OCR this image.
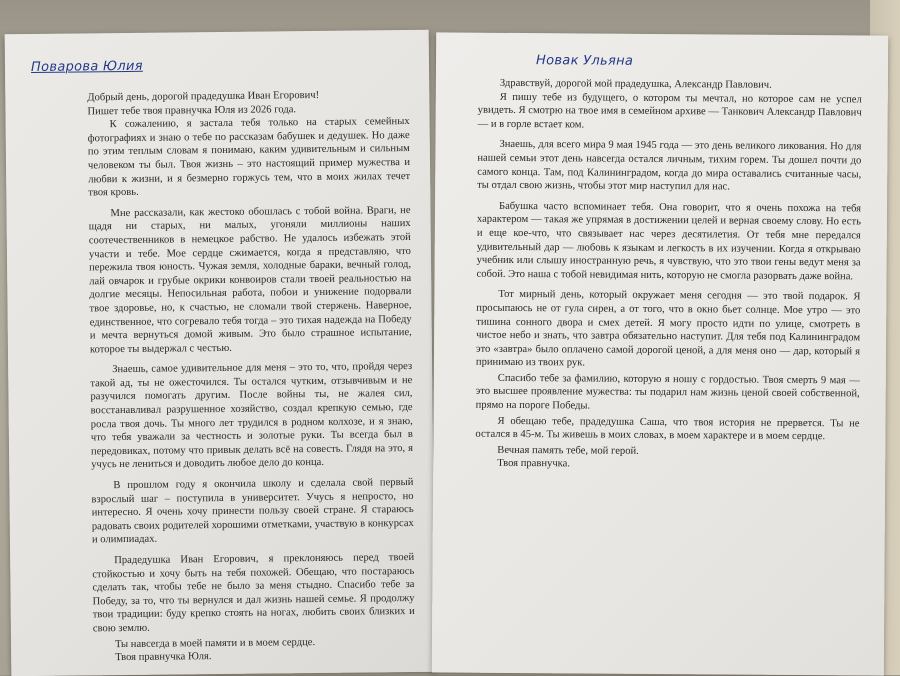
Поварова Юлия

Добрый день, дорогой прадедушка Иван Егорович!

Пишет тебе твоя правнучка Юля из 2026 года.

К сожалению, я застала тебя только на старых семейных фотографиях и знаю о тебе по рассказам бабушек и дедушек. Но даже по этим теплым словам я понимаю, каким удивительным и сильным человеком ты был. Твоя жизнь – это настоящий пример мужества и любви к жизни, и я безмерно горжусь тем, что в моих жилах течет твоя кровь.

Мне рассказали, как жестоко обошлась с тобой война. Враги, не щадя ни старых, ни малых, угоняли миллионы наших соотечественников в немецкое рабство. Не удалось избежать этой участи и тебе. Мое сердце сжимается, когда я представляю, что пережила твоя юность. Чужая земля, холодные бараки, вечный голод, лай овчарок и грубые окрики конвоиров стали твоей реальностью на долгие месяцы. Непосильная работа, побои и унижение подорвали твое здоровье, но, к счастью, не сломали твой стержень. Наверное, единственное, что согревало тебя тогда – это тихая надежда на Победу и мечта вернуться домой живым. Это было страшное испытание, которое ты выдержал с честью.

Знаешь, самое удивительное для меня – это то, что, пройдя через такой ад, ты не ожесточился. Ты остался чутким, отзывчивым и не разучился помогать другим. После войны ты, не жалея сил, восстанавливал разрушенное хозяйство, создал крепкую семью, где росла твоя дочь. Ты много лет трудился в родном колхозе, и я знаю, что тебя уважали за честность и золотые руки. Ты всегда был в передовиках, потому что привык делать всё на совесть. Глядя на это, я учусь не лениться и доводить любое дело до конца.

В прошлом году я окончила школу и сделала свой первый взрослый шаг – поступила в университет. Учусь я непросто, но интересно. Я очень хочу принести пользу своей стране. Я стараюсь радовать своих родителей хорошими отметками, участвую в конкурсах и олимпиадах.

Прадедушка Иван Егорович, я преклоняюсь перед твоей стойкостью и хочу быть на тебя похожей. Обещаю, что постараюсь сделать так, чтобы тебе не было за меня стыдно. Спасибо тебе за Победу, за то, что ты вернулся и дал жизнь нашей семье. Я продолжу твои традиции: буду крепко стоять на ногах, любить своих близких и свою землю.

Ты навсегда в моей памяти и в моем сердце.

Твоя правнучка Юля.

Новак Ульяна

Здравствуй, дорогой мой прадедушка, Александр Павлович.

Я пишу тебе из будущего, о котором ты мечтал, но которое сам не успел увидеть. Я смотрю на твое имя в семейном архиве — Танкович Александр Павлович — и в горле встает ком.

Знаешь, для всего мира 9 мая 1945 года — это день великого ликования. Но для нашей семьи этот день навсегда остался личным, тихим горем. Ты дошел почти до самого конца. Там, под Калининградом, когда до мира оставались считанные часы, ты отдал свою жизнь, чтобы этот мир наступил для нас.

Бабушка часто вспоминает тебя. Она говорит, что я очень похожа на тебя характером — такая же упрямая в достижении целей и верная своему слову. Но есть и еще кое-что, что связывает нас через десятилетия. От тебя мне передался удивительный дар — любовь к языкам и легкость в их изучении. Когда я открываю учебник или слышу иностранную речь, я чувствую, что это твои гены ведут меня за собой. Это наша с тобой невидимая нить, которую не смогла разорвать даже война.

Тот мирный день, который окружает меня сегодня — это твой подарок. Я просыпаюсь не от гула сирен, а от того, что в окно бьет солнце. Мое утро — это тишина сонного двора и смех детей. Я могу просто идти по улице, смотреть в чистое небо и знать, что завтра обязательно наступит. Для тебя под Калининградом это «завтра» было оплачено самой дорогой ценой, а для меня оно — дар, который я принимаю из твоих рук.

Спасибо тебе за фамилию, которую я ношу с гордостью. Твоя смерть 9 мая — это высшее проявление мужества: ты подарил нам жизнь ценой своей собственной, прямо на пороге Победы.

Я обещаю тебе, прадедушка Саша, что твоя история не прервется. Ты не остался в 45-м. Ты живешь в моих словах, в моем характере и в моем сердце.

Вечная память тебе, мой герой.

Твоя правнучка.
